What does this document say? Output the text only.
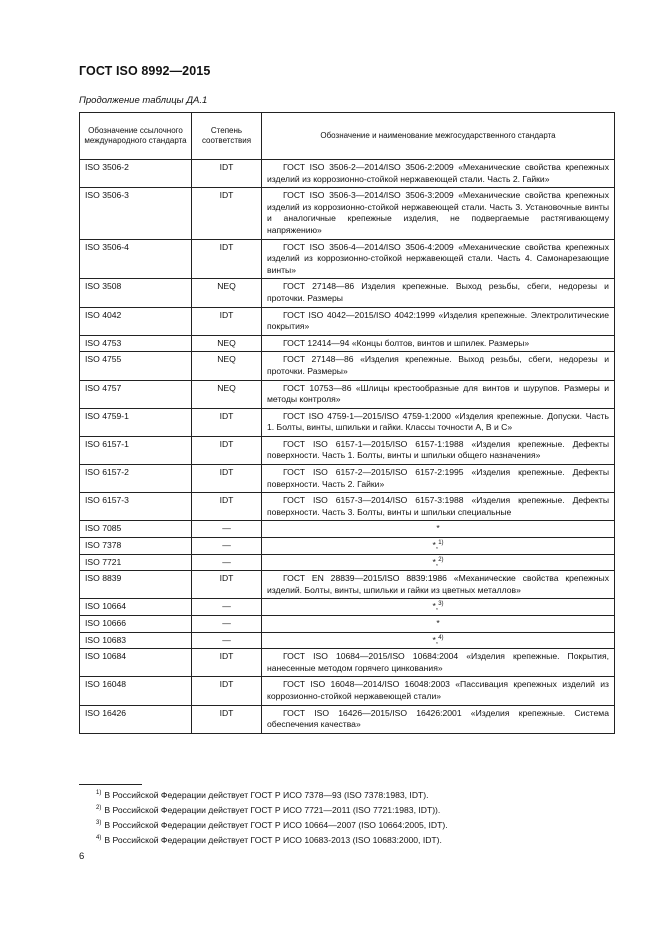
ГОСТ ISO 8992—2015
Продолжение таблицы ДА.1
Обозначение ссылочного международного стандарта	Степень соответствия	Обозначение и наименование межгосударственного стандарта
ISO 3506-2	IDT	ГОСТ ISO 3506-2—2014/ISO 3506-2:2009 «Механические свойства крепежных изделий из коррозионно-стойкой нержавеющей стали. Часть 2. Гайки»
ISO 3506-3	IDT	ГОСТ ISO 3506-3—2014/ISO 3506-3:2009 «Механические свойства крепежных изделий из коррозионно-стойкой нержавеющей стали. Часть 3. Установочные винты и аналогичные крепежные изделия, не подвергаемые растягивающему напряжению»
ISO 3506-4	IDT	ГОСТ ISO 3506-4—2014/ISO 3506-4:2009 «Механические свойства крепежных изделий из коррозионно-стойкой нержавеющей стали. Часть 4. Самонарезающие винты»
ISO 3508	NEQ	ГОСТ 27148—86 Изделия крепежные. Выход резьбы, сбеги, недорезы и проточки. Размеры
ISO 4042	IDT	ГОСТ ISO 4042—2015/ISO 4042:1999 «Изделия крепежные. Электролитические покрытия»
ISO 4753	NEQ	ГОСТ 12414—94 «Концы болтов, винтов и шпилек. Размеры»
ISO 4755	NEQ	ГОСТ 27148—86 «Изделия крепежные. Выход резьбы, сбеги, недорезы и проточки. Размеры»
ISO 4757	NEQ	ГОСТ 10753—86 «Шлицы крестообразные для винтов и шурупов. Размеры и методы контроля»
ISO 4759-1	IDT	ГОСТ ISO 4759-1—2015/ISO 4759-1:2000 «Изделия крепежные. Допуски. Часть 1. Болты, винты, шпильки и гайки. Классы точности A, B и C»
ISO 6157-1	IDT	ГОСТ ISO 6157-1—2015/ISO 6157-1:1988 «Изделия крепежные. Дефекты поверхности. Часть 1. Болты, винты и шпильки общего назначения»
ISO 6157-2	IDT	ГОСТ ISO 6157-2—2015/ISO 6157-2:1995 «Изделия крепежные. Дефекты поверхности. Часть 2. Гайки»
ISO 6157-3	IDT	ГОСТ ISO 6157-3—2014/ISO 6157-3:1988 «Изделия крепежные. Дефекты поверхности. Часть 3. Болты, винты и шпильки специальные
ISO 7085	—	*
ISO 7378	—	*,$^{1)}$
ISO 7721	—	*,$^{2)}$
ISO 8839	IDT	ГОСТ EN 28839—2015/ISO 8839:1986 «Механические свойства крепежных изделий. Болты, винты, шпильки и гайки из цветных металлов»
ISO 10664	—	*,$^{3)}$
ISO 10666	—	*
ISO 10683	—	*,$^{4)}$
ISO 10684	IDT	ГОСТ ISO 10684—2015/ISO 10684:2004 «Изделия крепежные. Покрытия, нанесенные методом горячего цинкования»
ISO 16048	IDT	ГОСТ ISO 16048—2014/ISO 16048:2003 «Пассивация крепежных изделий из коррозионно-стойкой нержавеющей стали»
ISO 16426	IDT	ГОСТ ISO 16426—2015/ISO 16426:2001 «Изделия крепежные. Система обеспечения качества»
$^{1)}$ В Российской Федерации действует ГОСТ Р ИСО 7378—93 (ISO 7378:1983, IDT).
$^{2)}$ В Российской Федерации действует ГОСТ Р ИСО 7721—2011 (ISO 7721:1983, IDT)).
$^{3)}$ В Российской Федерации действует ГОСТ Р ИСО 10664—2007 (ISO 10664:2005, IDT).
$^{4)}$ В Российской Федерации действует ГОСТ Р ИСО 10683-2013 (ISO 10683:2000, IDT).
6
